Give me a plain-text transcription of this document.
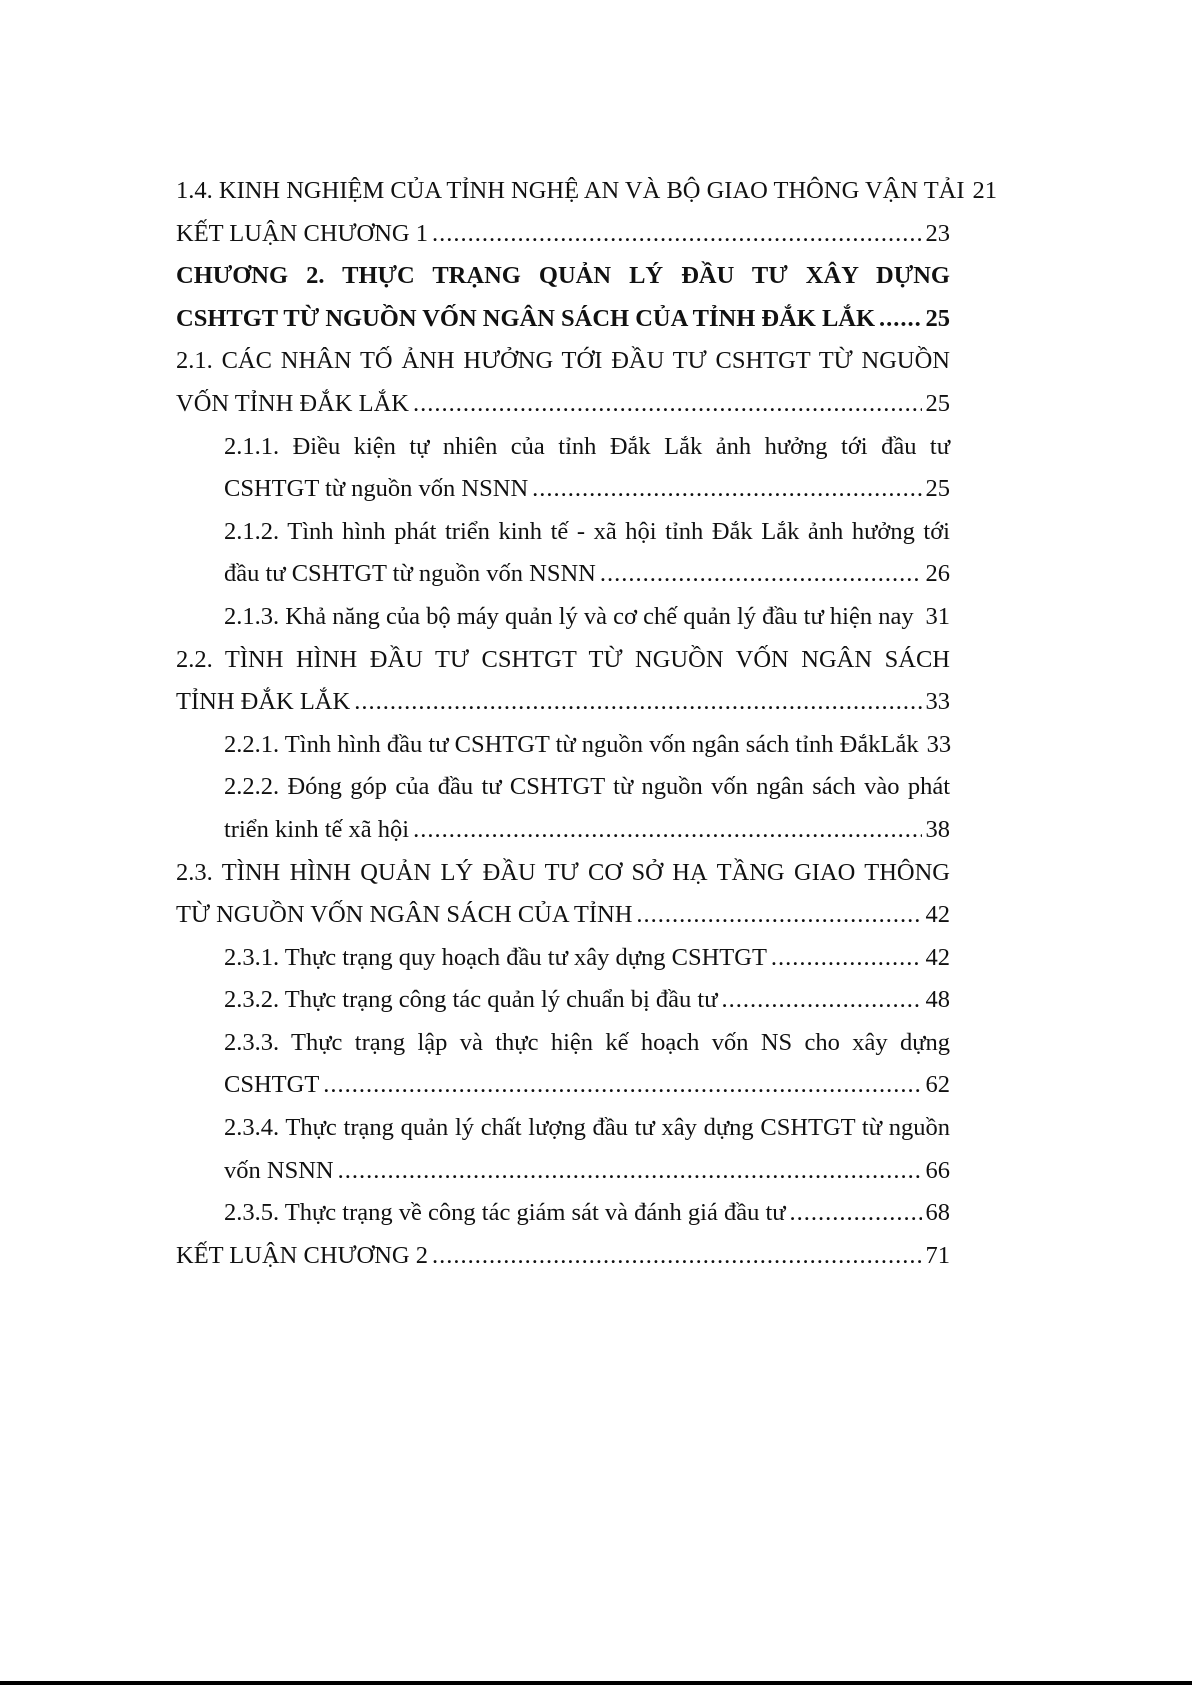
1.4. KINH NGHIỆM CỦA TỈNH NGHỆ AN VÀ BỘ GIAO THÔNG VẬN TẢI 21
KẾT LUẬN CHƯƠNG 1 .....	23
CHƯƠNG 2. THỰC TRẠNG QUẢN LÝ ĐẦU TƯ XÂY DỰNG
CSHTGT TỪ NGUỒN VỐN NGÂN SÁCH CỦA TỈNH ĐẮK LẮK ..... 25
2.1. CÁC NHÂN TỐ ẢNH HƯỞNG TỚI ĐẦU TƯ CSHTGT TỪ NGUỒN
VỐN TỈNH ĐẮK LẮK .....	25
2.1.1. Điều kiện tự nhiên của tỉnh Đắk Lắk ảnh hưởng tới đầu tư
CSHTGT từ nguồn vốn NSNN .....	25
2.1.2. Tình hình phát triển kinh tế - xã hội tỉnh Đắk Lắk ảnh hưởng tới
đầu tư CSHTGT từ nguồn vốn NSNN .....	26
2.1.3. Khả năng của bộ máy quản lý và cơ chế quản lý đầu tư hiện nay 31
2.2. TÌNH HÌNH ĐẦU TƯ CSHTGT TỪ NGUỒN VỐN NGÂN SÁCH
TỈNH ĐẮK LẮK .....	33
2.2.1. Tình hình đầu tư CSHTGT từ nguồn vốn ngân sách tỉnh ĐắkLắk 33
2.2.2. Đóng góp của đầu tư CSHTGT từ nguồn vốn ngân sách vào phát
triển kinh tế xã hội .....	38
2.3. TÌNH HÌNH QUẢN LÝ ĐẦU TƯ CƠ SỞ HẠ TẦNG GIAO THÔNG
TỪ NGUỒN VỐN NGÂN SÁCH CỦA TỈNH .....	42
2.3.1. Thực trạng quy hoạch đầu tư xây dựng CSHTGT .....	42
2.3.2. Thực trạng công tác quản lý chuẩn bị đầu tư .....	48
2.3.3. Thực trạng lập và thực hiện kế hoạch vốn NS cho xây dựng
CSHTGT .....	62
2.3.4. Thực trạng quản lý chất lượng đầu tư xây dựng CSHTGT từ nguồn
vốn NSNN .....	66
2.3.5. Thực trạng về công tác giám sát và đánh giá đầu tư .....	68
KẾT LUẬN CHƯƠNG 2 .....	71
